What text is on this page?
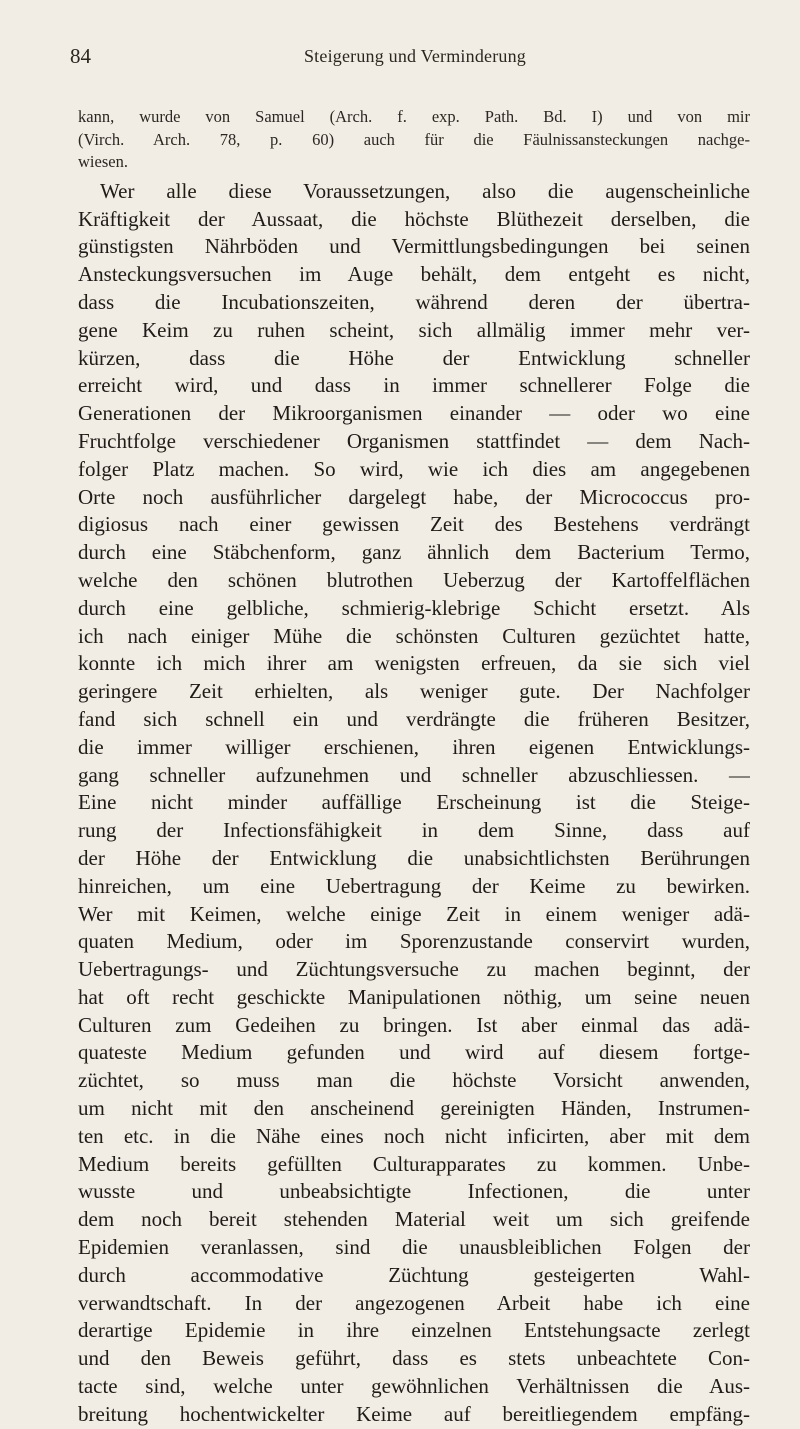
84	Steigerung und Verminderung
kann, wurde von Samuel (Arch. f. exp. Path. Bd. I) und von mir
(Virch. Arch. 78, p. 60) auch für die Fäulnissansteckungen nachge-
wiesen.
Wer alle diese Voraussetzungen, also die augenscheinliche
Kräftigkeit der Aussaat, die höchste Blüthezeit derselben, die
günstigsten Nährböden und Vermittlungsbedingungen bei seinen
Ansteckungsversuchen im Auge behält, dem entgeht es nicht,
dass die Incubationszeiten, während deren der übertra-
gene Keim zu ruhen scheint, sich allmälig immer mehr ver-
kürzen, dass die Höhe der Entwicklung schneller
erreicht wird, und dass in immer schnellerer Folge die
Generationen der Mikroorganismen einander — oder wo eine
Fruchtfolge verschiedener Organismen stattfindet — dem Nach-
folger Platz machen. So wird, wie ich dies am angegebenen
Orte noch ausführlicher dargelegt habe, der Micrococcus pro-
digiosus nach einer gewissen Zeit des Bestehens verdrängt
durch eine Stäbchenform, ganz ähnlich dem Bacterium Termo,
welche den schönen blutrothen Ueberzug der Kartoffelflächen
durch eine gelbliche, schmierig-klebrige Schicht ersetzt. Als
ich nach einiger Mühe die schönsten Culturen gezüchtet hatte,
konnte ich mich ihrer am wenigsten erfreuen, da sie sich viel
geringere Zeit erhielten, als weniger gute. Der Nachfolger
fand sich schnell ein und verdrängte die früheren Besitzer,
die immer williger erschienen, ihren eigenen Entwicklungs-
gang schneller aufzunehmen und schneller abzuschliessen. —
Eine nicht minder auffällige Erscheinung ist die Steige-
rung der Infectionsfähigkeit in dem Sinne, dass auf
der Höhe der Entwicklung die unabsichtlichsten Berührungen
hinreichen, um eine Uebertragung der Keime zu bewirken.
Wer mit Keimen, welche einige Zeit in einem weniger adä-
quaten Medium, oder im Sporenzustande conservirt wurden,
Uebertragungs- und Züchtungsversuche zu machen beginnt, der
hat oft recht geschickte Manipulationen nöthig, um seine neuen
Culturen zum Gedeihen zu bringen. Ist aber einmal das adä-
quateste Medium gefunden und wird auf diesem fortge-
züchtet, so muss man die höchste Vorsicht anwenden,
um nicht mit den anscheinend gereinigten Händen, Instrumen-
ten etc. in die Nähe eines noch nicht inficirten, aber mit dem
Medium bereits gefüllten Culturapparates zu kommen. Unbe-
wusste und unbeabsichtigte Infectionen, die unter
dem noch bereit stehenden Material weit um sich greifende
Epidemien veranlassen, sind die unausbleiblichen Folgen der
durch accommodative Züchtung gesteigerten Wahl-
verwandtschaft. In der angezogenen Arbeit habe ich eine
derartige Epidemie in ihre einzelnen Entstehungsacte zerlegt
und den Beweis geführt, dass es stets unbeachtete Con-
tacte sind, welche unter gewöhnlichen Verhältnissen die Aus-
breitung hochentwickelter Keime auf bereitliegendem empfäng-
